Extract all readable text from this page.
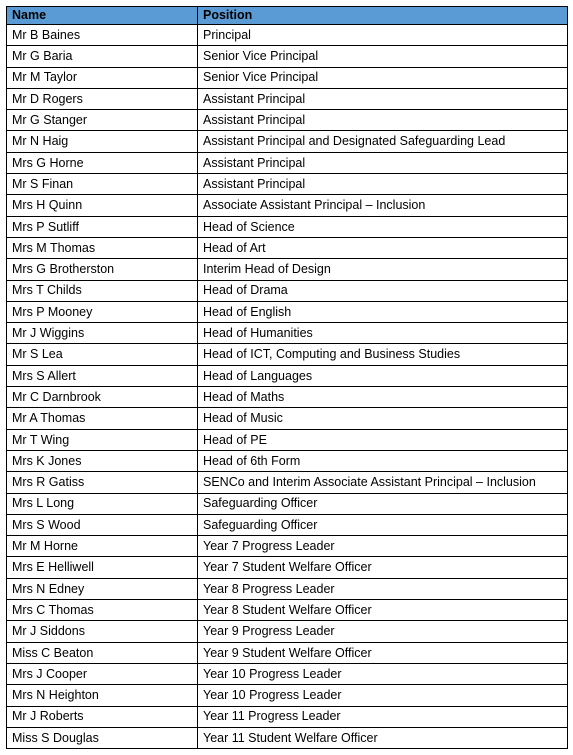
Name	Position
Mr B Baines	Principal
Mr G Baria	Senior Vice Principal
Mr M Taylor	Senior Vice Principal
Mr D Rogers	Assistant Principal
Mr G Stanger	Assistant Principal
Mr N Haig	Assistant Principal and Designated Safeguarding Lead
Mrs G Horne	Assistant Principal
Mr S Finan	Assistant Principal
Mrs H Quinn	Associate Assistant Principal – Inclusion
Mrs P Sutliff	Head of Science
Mrs M Thomas	Head of Art
Mrs G Brotherston	Interim Head of Design
Mrs T Childs	Head of Drama
Mrs P Mooney	Head of English
Mr J Wiggins	Head of Humanities
Mr S Lea	Head of ICT, Computing and Business Studies
Mrs S Allert	Head of Languages
Mr C Darnbrook	Head of Maths
Mr A Thomas	Head of Music
Mr T Wing	Head of PE
Mrs K Jones	Head of 6th Form
Mrs R Gatiss	SENCo and Interim Associate Assistant Principal – Inclusion
Mrs L Long	Safeguarding Officer
Mrs S Wood	Safeguarding Officer
Mr M Horne	Year 7 Progress Leader
Mrs E Helliwell	Year 7 Student Welfare Officer
Mrs N Edney	Year 8 Progress Leader
Mrs C Thomas	Year 8 Student Welfare Officer
Mr J Siddons	Year 9 Progress Leader
Miss C Beaton	Year 9 Student Welfare Officer
Mrs J Cooper	Year 10 Progress Leader
Mrs N Heighton	Year 10 Progress Leader
Mr J Roberts	Year 11 Progress Leader
Miss S Douglas	Year 11 Student Welfare Officer
